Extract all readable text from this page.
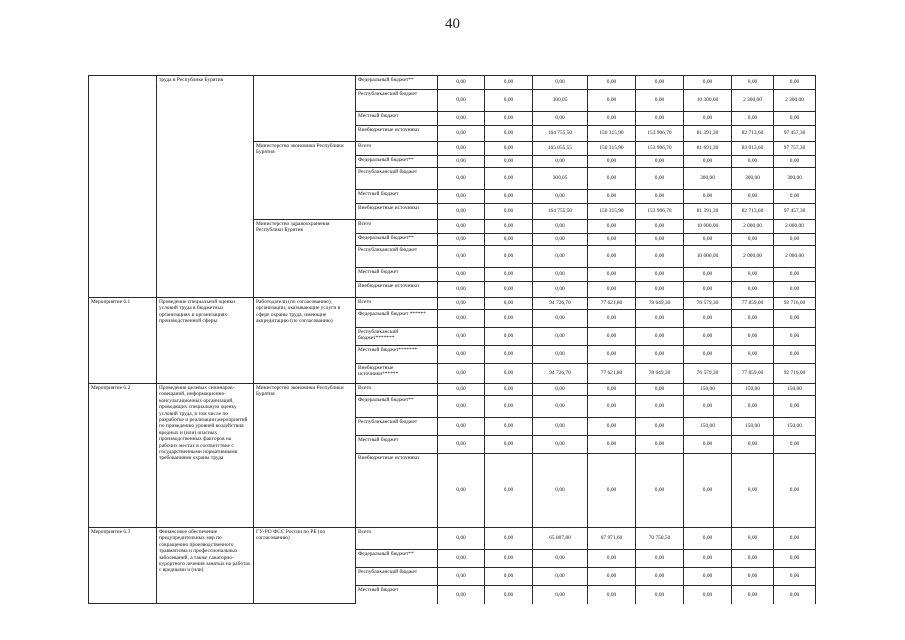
40
	труда в Республике Бурятия		Федеральный бюджет**	0,00	0,00	0,00	0,00	0,00	0,00	0,00	0,00
			Республиканский бюджет	0,00	0,00	300,05	0,00	0,00	10 300,00	2 300,00	2 300,00
			Местный бюджет	0,00	0,00	0,00	0,00	0,00	0,00	0,00	0,00
			Внебюджетные источники	0,00	0,00	164 755,50	150 315,90	153 906,70	81 391,30	82 713,60	97 457,30
		Министерство экономики Республики Бурятия	Всего	0,00	0,00	165 055,55	150 315,90	153 906,70	81 691,30	83 013,60	97 757,30
			Федеральный бюджет**	0,00	0,00	0,00	0,00	0,00	0,00	0,00	0,00
			Республиканский бюджет	0,00	0,00	300,05	0,00	0,00	300,00	300,00	300,00
			Местный бюджет	0,00	0,00	0,00	0,00	0,00	0,00	0,00	0,00
			Внебюджетные источники	0,00	0,00	164 755,50	150 315,90	153 906,70	81 391,30	82 713,60	97 457,30
		Министерство здравоохранения Республики Бурятия	Всего	0,00	0,00	0,00	0,00	0,00	10 000,00	2 000,00	2 000,00
			Федеральный бюджет**	0,00	0,00	0,00	0,00	0,00	0,00	0,00	0,00
			Республиканский бюджет	0,00	0,00	0,00	0,00	0,00	10 000,00	2 000,00	2 000,00
			Местный бюджет	0,00	0,00	0,00	0,00	0,00	0,00	0,00	0,00
			Внебюджетные источники	0,00	0,00	0,00	0,00	0,00	0,00	0,00	0,00
Мероприятие 6.1	Проведение специальной оценки условий труда в бюджетных организациях и организациях производственной сферы	Работодатели (по согласованию), организации, оказывающие услуги в сфере охраны труда, имеющие аккредитацию (по согласованию)	Всего	0,00	0,00	94 726,70	77 621,80	78 649,30	76 579,30	77 859,00	92 716,00
			Федеральный бюджет ******	0,00	0,00	0,00	0,00	0,00	0,00	0,00	0,00
			Республиканский бюджет*******	0,00	0,00	0,00	0,00	0,00	0,00	0,00	0,00
			Местный бюджет*******	0,00	0,00	0,00	0,00	0,00	0,00	0,00	0,00
			Внебюджетные источники******	0,00	0,00	94 726,70	77 621,80	78 649,30	76 579,30	77 859,00	92 716,00
Мероприятие 6.2	Проведение целевых семинаров-совещаний, информационно-консультационных организаций, проводящих специальную оценку условий труда, в том числе по разработке и реализации мероприятий по приведению уровней воздействия вредных и (или) опасных производственных факторов на рабочих местах в соответствие с государственными нормативными требованиями охраны труда	Министерство экономики Республики Бурятия	Всего	0,00	0,00	0,00	0,00	0,00	150,00	150,00	150,00
			Федеральный бюджет**	0,00	0,00	0,00	0,00	0,00	0,00	0,00	0,00
			Республиканский бюджет	0,00	0,00	0,00	0,00	0,00	150,00	150,00	150,00
			Местный бюджет	0,00	0,00	0,00	0,00	0,00	0,00	0,00	0,00
			Внебюджетные источники	0,00	0,00	0,00	0,00	0,00	0,00	0,00	0,00
Мероприятие 6.3	Финансовое обеспечение предупредительных мер по сокращению производственного травматизма и профессиональных заболеваний, а также санаторно-курортного лечения занятых на работах с вредными и (или)	ГУ-РО ФСС России по РБ (по согласованию)	Всего	0,00	0,00	65 807,80	67 971,60	70 758,50	0,00	0,00	0,00
			Федеральный бюджет**	0,00	0,00	0,00	0,00	0,00	0,00	0,00	0,00
			Республиканский бюджет	0,00	0,00	0,00	0,00	0,00	0,00	0,00	0,00
			Местный бюджет	0,00	0,00	0,00	0,00	0,00	0,00	0,00	0,00
